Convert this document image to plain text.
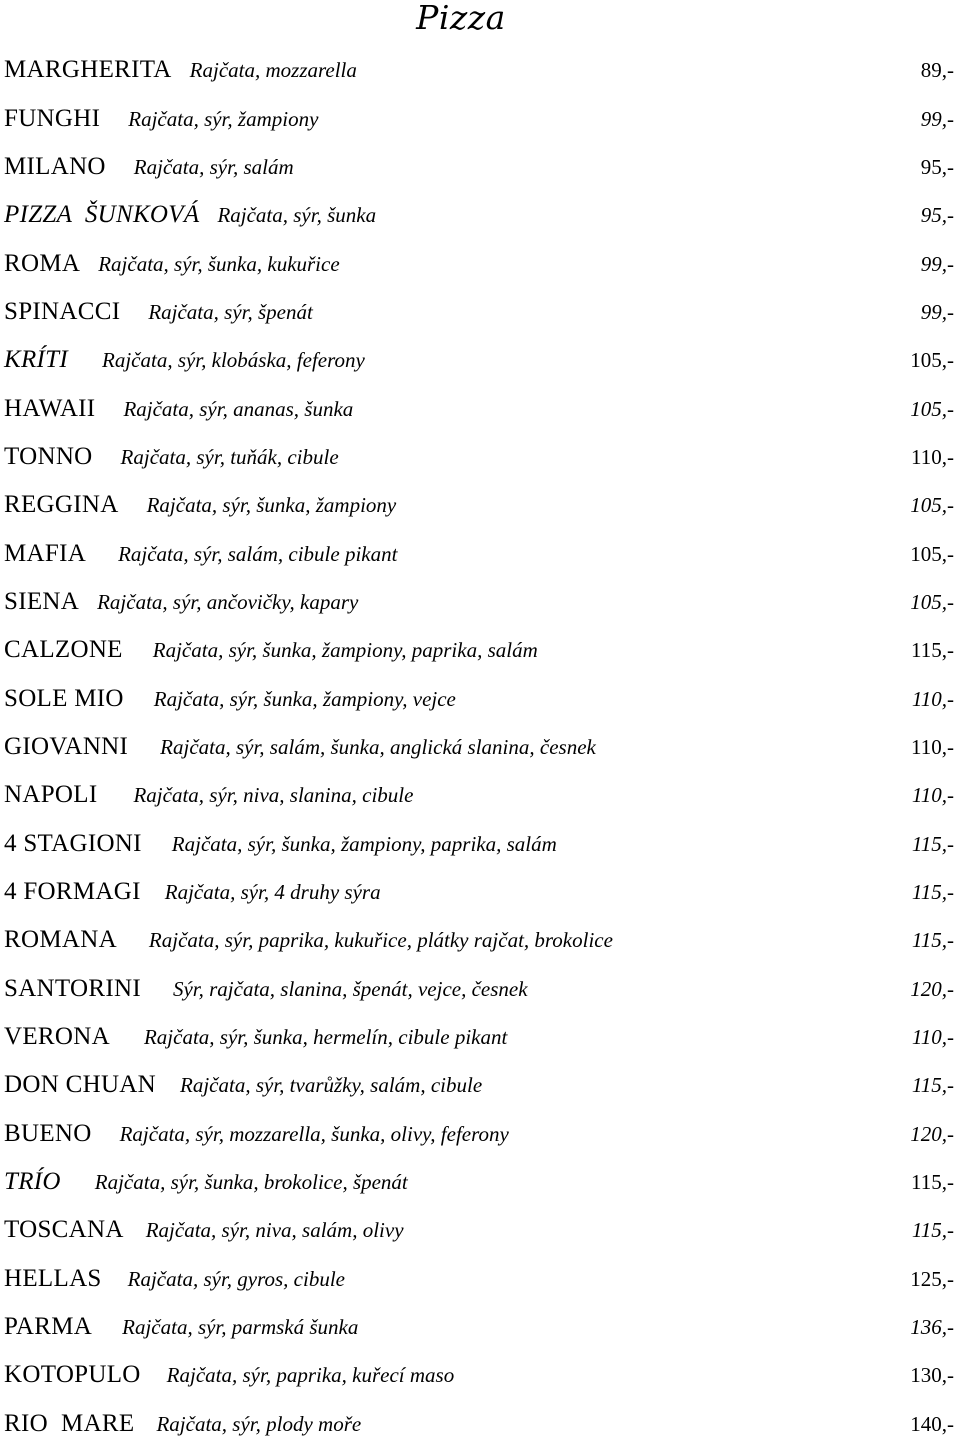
Pizza
MARGHERITA Rajčata, mozzarella	89,-
FUNGHI Rajčata, sýr, žampiony	99,-
MILANO Rajčata, sýr, salám	95,-
PIZZA  ŠUNKOVÁ Rajčata, sýr, šunka	95,-
ROMA Rajčata, sýr, šunka, kukuřice	99,-
SPINACCI Rajčata, sýr, špenát	99,-
KRÍTI Rajčata, sýr, klobáska, feferony	105,-
HAWAII Rajčata, sýr, ananas, šunka	105,-
TONNO Rajčata, sýr, tuňák, cibule	110,-
REGGINA Rajčata, sýr, šunka, žampiony	105,-
MAFIA Rajčata, sýr, salám, cibule pikant	105,-
SIENA Rajčata, sýr, ančovičky, kapary	105,-
CALZONE Rajčata, sýr, šunka, žampiony, paprika, salám	115,-
SOLE MIO Rajčata, sýr, šunka, žampiony, vejce	110,-
GIOVANNI Rajčata, sýr, salám, šunka, anglická slanina, česnek	110,-
NAPOLI Rajčata, sýr, niva, slanina, cibule	110,-
4 STAGIONI Rajčata, sýr, šunka, žampiony, paprika, salám	115,-
4 FORMAGI Rajčata, sýr, 4 druhy sýra	115,-
ROMANA Rajčata, sýr, paprika, kukuřice, plátky rajčat, brokolice	115,-
SANTORINI Sýr, rajčata, slanina, špenát, vejce, česnek	120,-
VERONA Rajčata, sýr, šunka, hermelín, cibule pikant	110,-
DON CHUAN Rajčata, sýr, tvarůžky, salám, cibule	115,-
BUENO Rajčata, sýr, mozzarella, šunka, olivy, feferony	120,-
TRÍO Rajčata, sýr, šunka, brokolice, špenát	115,-
TOSCANA Rajčata, sýr, niva, salám, olivy	115,-
HELLAS Rajčata, sýr, gyros, cibule	125,-
PARMA Rajčata, sýr, parmská šunka	136,-
KOTOPULO Rajčata, sýr, paprika, kuřecí maso	130,-
RIO  MARE Rajčata, sýr, plody moře	140,-
